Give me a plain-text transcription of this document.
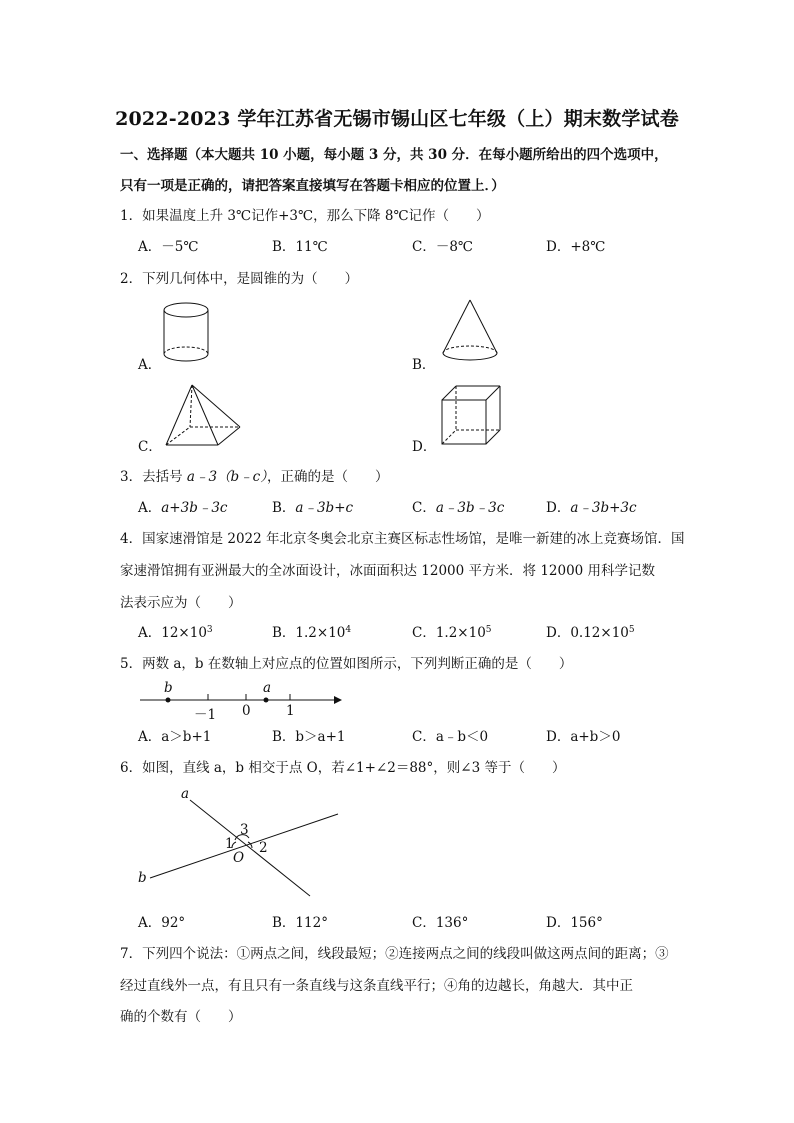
2022-2023 学年江苏省无锡市锡山区七年级（上）期末数学试卷
一、选择题（本大题共 10 小题，每小题 3 分，共 30 分．在每小题所给出的四个选项中，
只有一项是正确的，请把答案直接填写在答题卡相应的位置上．）
1．如果温度上升 3℃记作+3℃，那么下降 8℃记作（　　）
A．－5℃	B．11℃	C．－8℃	D．+8℃
2．下列几何体中，是圆锥的为（　　）
A．	B．
C．	D．
3．去括号 a﹣3（b﹣c），正确的是（　　）
A．a+3b﹣3c	B．a﹣3b+c	C．a﹣3b﹣3c	D．a﹣3b+3c
4．国家速滑馆是 2022 年北京冬奥会北京主赛区标志性场馆，是唯一新建的冰上竞赛场馆．国
家速滑馆拥有亚洲最大的全冰面设计，冰面面积达 12000 平方米．将 12000 用科学记数
法表示应为（　　）
A．$12\times 10^3$	B．$1.2\times 10^4$	C．$1.2\times 10^5$	D．$0.12\times 10^5$
5．两数 a，b 在数轴上对应点的位置如图所示，下列判断正确的是（　　）
b	a
－1 0	1
A．a＞b+1	B．b＞a+1	C．a﹣b＜0	D．a+b＞0
6．如图，直线 a，b 相交于点 O，若∠1+∠2＝88°，则∠3 等于（　　）
a
b
3
1 2
O
A．92°	B．112°	C．136°	D．156°
7．下列四个说法：①两点之间，线段最短；②连接两点之间的线段叫做这两点间的距离；③
经过直线外一点，有且只有一条直线与这条直线平行；④角的边越长，角越大．其中正
确的个数有（　　）
